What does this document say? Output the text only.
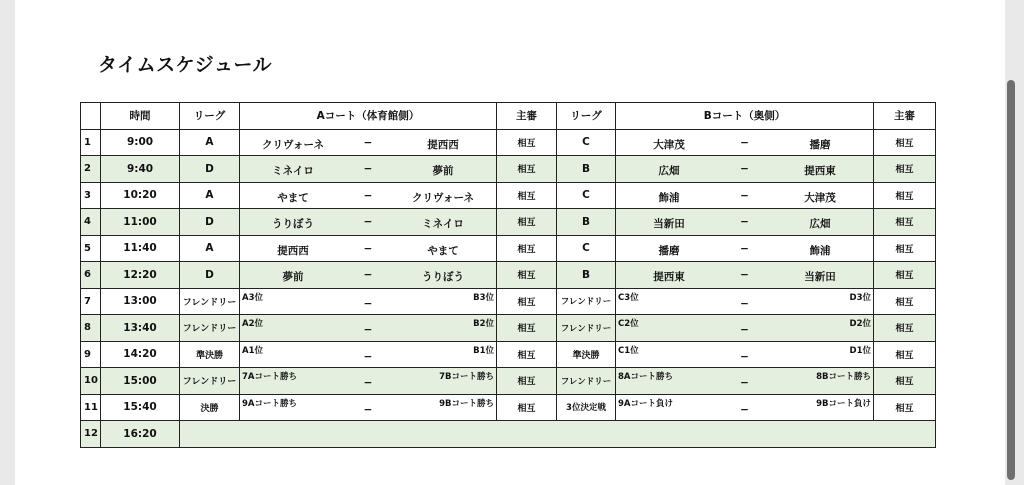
タイムスケジュール
	時間	リーグ	Aコート（体育館側）	主審	リーグ	Bコート（奥側）	主審
1	9:00	A	クリヴォーネ − 提西西	相互	C	大津茂 − 播磨	相互
2	9:40	D	ミネイロ − 夢前	相互	B	広畑 − 提西東	相互
3	10:20	A	やまて − クリヴォーネ	相互	C	飾浦 − 大津茂	相互
4	11:00	D	うりぼう − ミネイロ	相互	B	当新田 − 広畑	相互
5	11:40	A	提西西 − やまて	相互	C	播磨 − 飾浦	相互
6	12:20	D	夢前 − うりぼう	相互	B	提西東 − 当新田	相互
7	13:00	フレンドリー	A3位 − B3位	相互	フレンドリー	C3位 − D3位	相互
8	13:40	フレンドリー	A2位 − B2位	相互	フレンドリー	C2位 − D2位	相互
9	14:20	準決勝	A1位 − B1位	相互	準決勝	C1位 − D1位	相互
10	15:00	フレンドリー	7Aコート勝ち − 7Bコート勝ち	相互	フレンドリー	8Aコート勝ち − 8Bコート勝ち	相互
11	15:40	決勝	9Aコート勝ち − 9Bコート勝ち	相互	3位決定戦	9Aコート負け − 9Bコート負け	相互
12	16:20						
